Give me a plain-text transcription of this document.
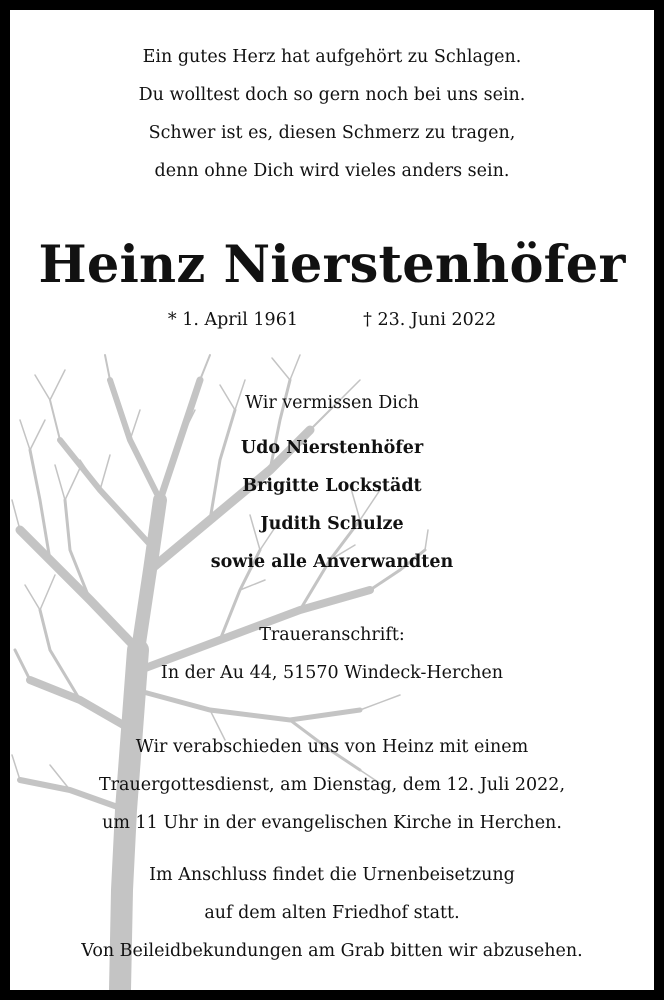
Ein gutes Herz hat aufgehört zu Schlagen.
Du wolltest doch so gern noch bei uns sein.
Schwer ist es, diesen Schmerz zu tragen,
denn ohne Dich wird vieles anders sein.
Heinz Nierstenhöfer
* 1. April 1961	† 23. Juni 2022
Wir vermissen Dich
Udo Nierstenhöfer
Brigitte Lockstädt
Judith Schulze
sowie alle Anverwandten
Traueranschrift:
In der Au 44, 51570 Windeck-Herchen
Wir verabschieden uns von Heinz mit einem
Trauergottesdienst, am Dienstag, dem 12. Juli 2022,
um 11 Uhr in der evangelischen Kirche in Herchen.
Im Anschluss findet die Urnenbeisetzung
auf dem alten Friedhof statt.
Von Beileidbekundungen am Grab bitten wir abzusehen.
